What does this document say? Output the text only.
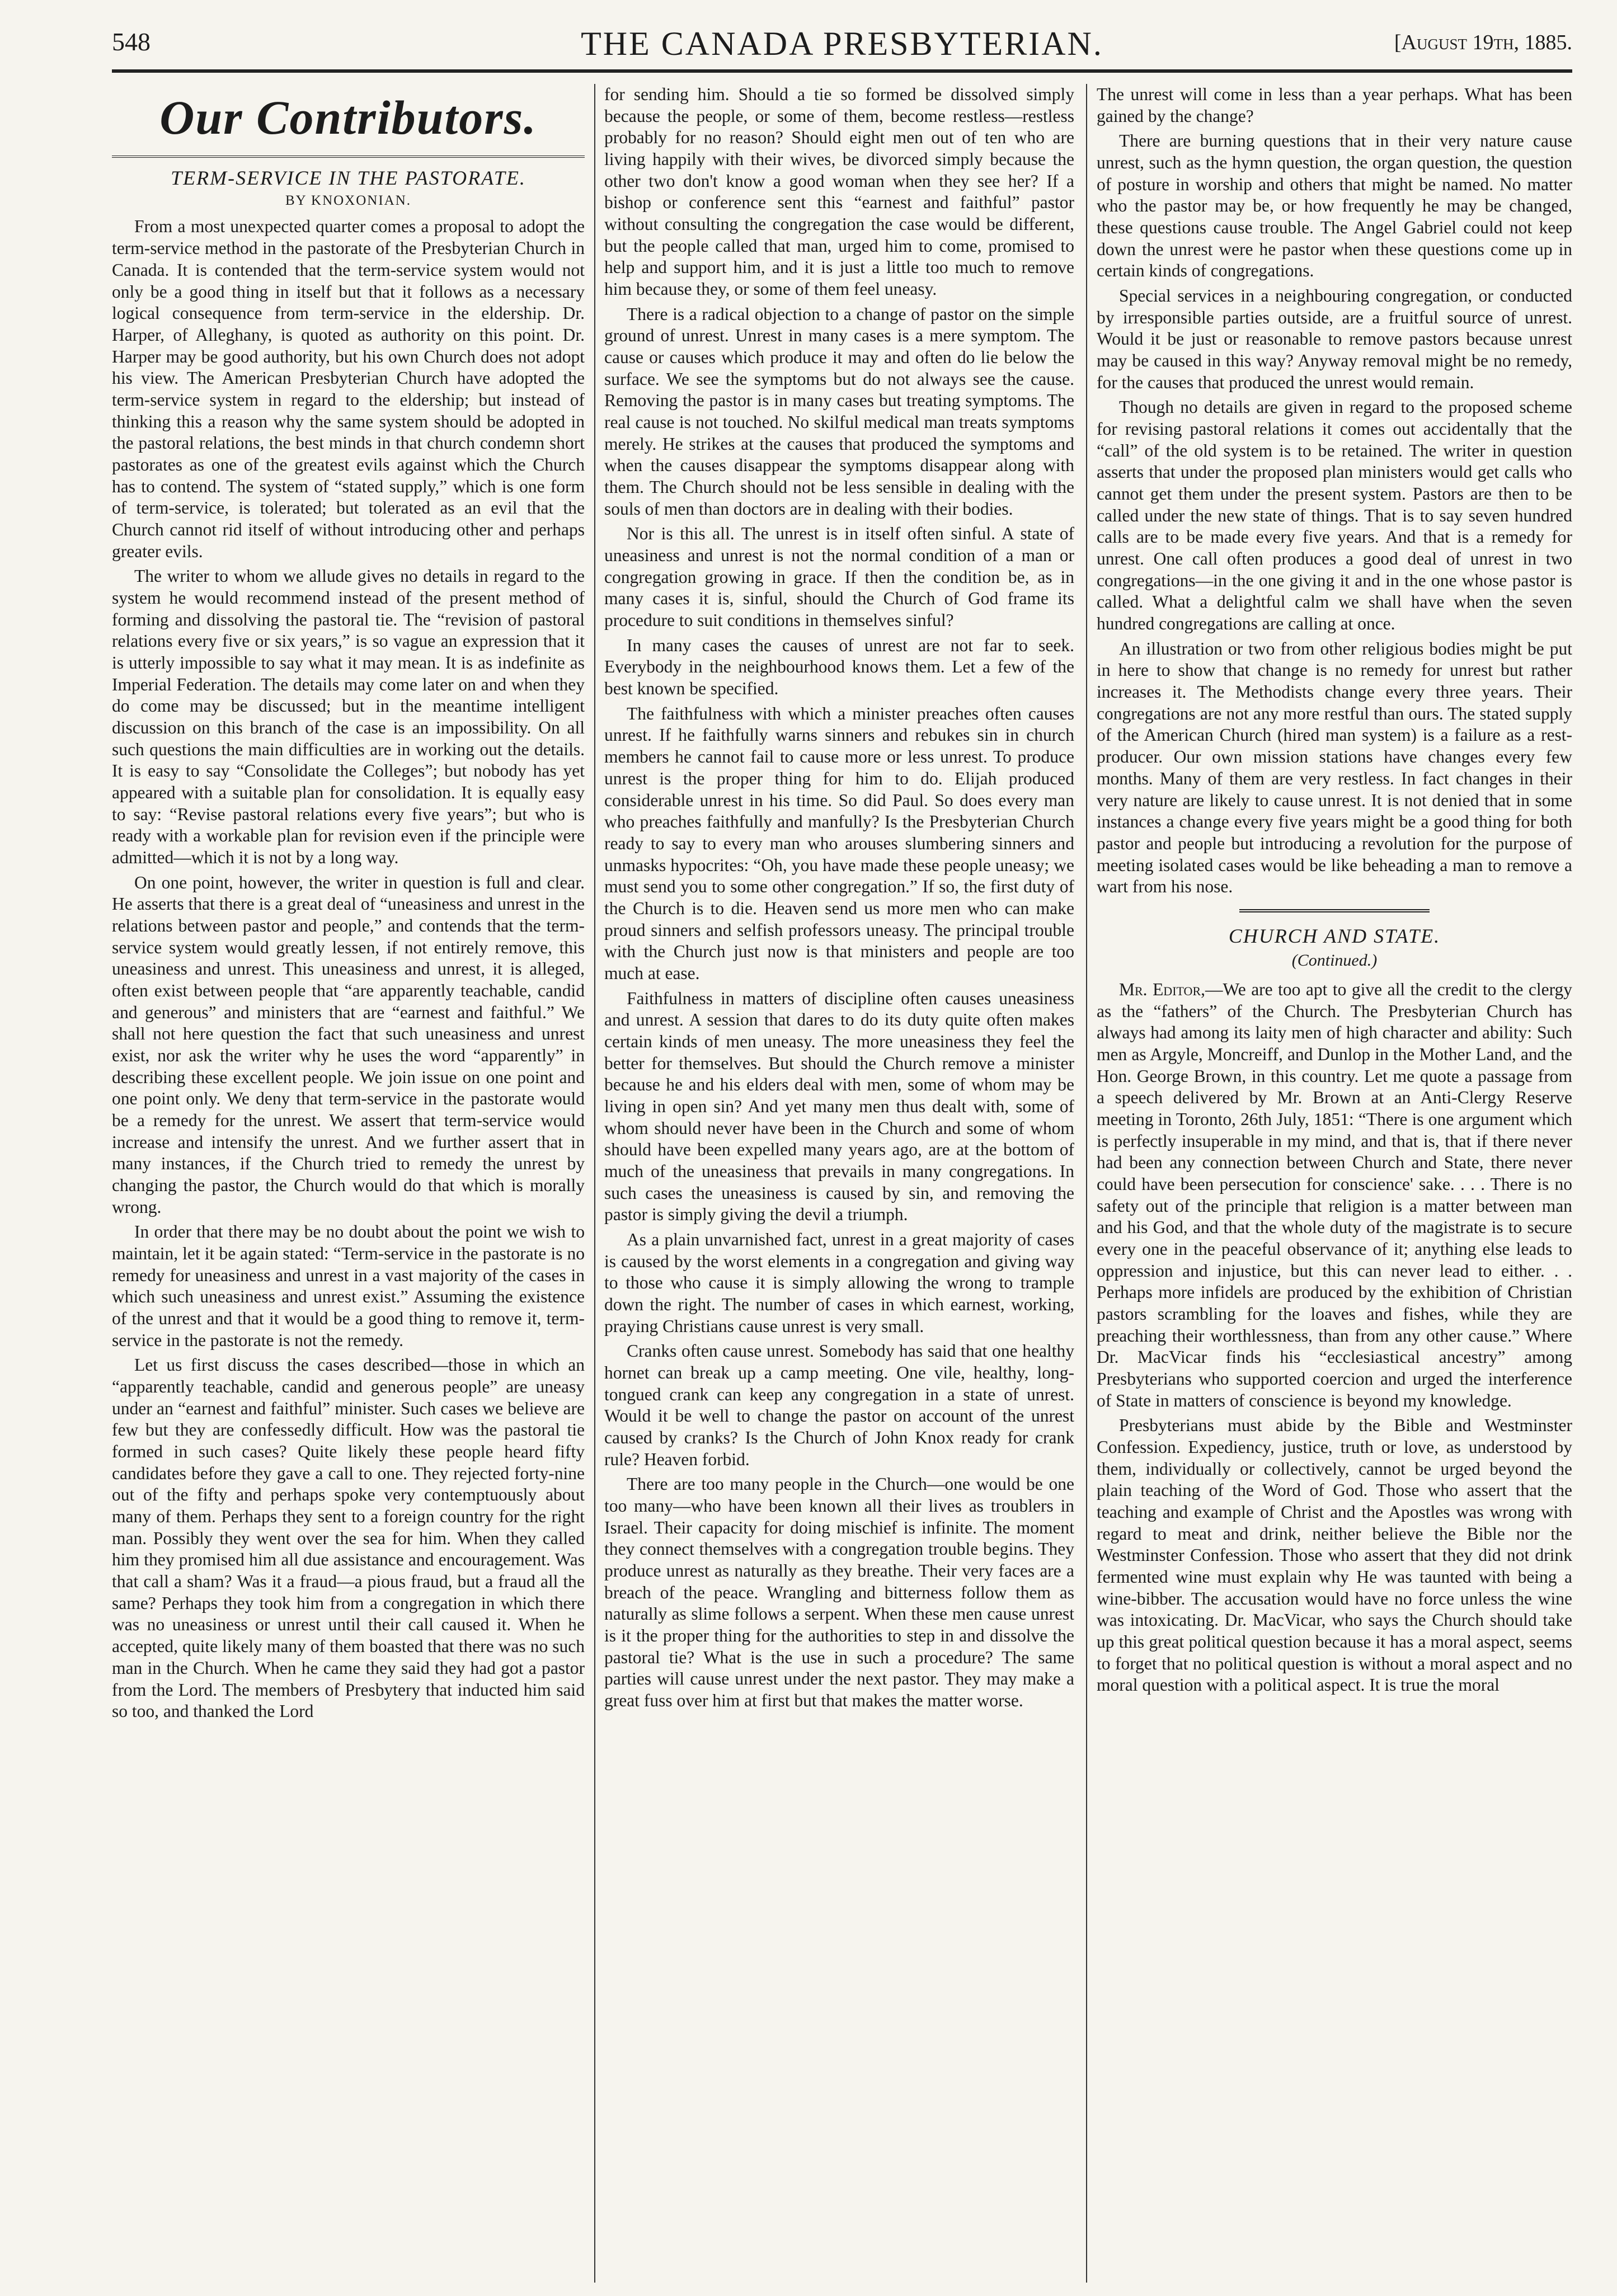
548	THE CANADA PRESBYTERIAN.	[August 19th, 1885.
Our Contributors.
TERM-SERVICE IN THE PASTORATE.
BY KNOXONIAN.

From a most unexpected quarter comes a proposal to adopt the term-service method in the pastorate of the Presbyterian Church in Canada. It is contended that the term-service system would not only be a good thing in itself but that it follows as a necessary logical consequence from term-service in the eldership. Dr. Harper, of Alleghany, is quoted as authority on this point. Dr. Harper may be good authority, but his own Church does not adopt his view. The American Presbyterian Church have adopted the term-service system in regard to the eldership; but instead of thinking this a reason why the same system should be adopted in the pastoral relations, the best minds in that church condemn short pastorates as one of the greatest evils against which the Church has to contend. The system of “stated supply,” which is one form of term-service, is tolerated; but tolerated as an evil that the Church cannot rid itself of without introducing other and perhaps greater evils.

The writer to whom we allude gives no details in regard to the system he would recommend instead of the present method of forming and dissolving the pastoral tie. The “revision of pastoral relations every five or six years,” is so vague an expression that it is utterly impossible to say what it may mean. It is as indefinite as Imperial Federation. The details may come later on and when they do come may be discussed; but in the meantime intelligent discussion on this branch of the case is an impossibility. On all such questions the main difficulties are in working out the details. It is easy to say “Consolidate the Colleges”; but nobody has yet appeared with a suitable plan for consolidation. It is equally easy to say: “Revise pastoral relations every five years”; but who is ready with a workable plan for revision even if the principle were admitted—which it is not by a long way.

On one point, however, the writer in question is full and clear. He asserts that there is a great deal of “uneasiness and unrest in the relations between pastor and people,” and contends that the term-service system would greatly lessen, if not entirely remove, this uneasiness and unrest. This uneasiness and unrest, it is alleged, often exist between people that “are apparently teachable, candid and generous” and ministers that are “earnest and faithful.” We shall not here question the fact that such uneasiness and unrest exist, nor ask the writer why he uses the word “apparently” in describing these excellent people. We join issue on one point and one point only. We deny that term-service in the pastorate would be a remedy for the unrest. We assert that term-service would increase and intensify the unrest. And we further assert that in many instances, if the Church tried to remedy the unrest by changing the pastor, the Church would do that which is morally wrong.

In order that there may be no doubt about the point we wish to maintain, let it be again stated: “Term-service in the pastorate is no remedy for uneasiness and unrest in a vast majority of the cases in which such uneasiness and unrest exist.” Assuming the existence of the unrest and that it would be a good thing to remove it, term-service in the pastorate is not the remedy.

Let us first discuss the cases described—those in which an “apparently teachable, candid and generous people” are uneasy under an “earnest and faithful” minister. Such cases we believe are few but they are confessedly difficult. How was the pastoral tie formed in such cases? Quite likely these people heard fifty candidates before they gave a call to one. They rejected forty-nine out of the fifty and perhaps spoke very contemptuously about many of them. Perhaps they sent to a foreign country for the right man. Possibly they went over the sea for him. When they called him they promised him all due assistance and encouragement. Was that call a sham? Was it a fraud—a pious fraud, but a fraud all the same? Perhaps they took him from a congregation in which there was no uneasiness or unrest until their call caused it. When he accepted, quite likely many of them boasted that there was no such man in the Church. When he came they said they had got a pastor from the Lord. The members of Presbytery that inducted him said so too, and thanked the Lord

for sending him. Should a tie so formed be dissolved simply because the people, or some of them, become restless—restless probably for no reason? Should eight men out of ten who are living happily with their wives, be divorced simply because the other two don't know a good woman when they see her? If a bishop or conference sent this “earnest and faithful” pastor without consulting the congregation the case would be different, but the people called that man, urged him to come, promised to help and support him, and it is just a little too much to remove him because they, or some of them feel uneasy.

There is a radical objection to a change of pastor on the simple ground of unrest. Unrest in many cases is a mere symptom. The cause or causes which produce it may and often do lie below the surface. We see the symptoms but do not always see the cause. Removing the pastor is in many cases but treating symptoms. The real cause is not touched. No skilful medical man treats symptoms merely. He strikes at the causes that produced the symptoms and when the causes disappear the symptoms disappear along with them. The Church should not be less sensible in dealing with the souls of men than doctors are in dealing with their bodies.

Nor is this all. The unrest is in itself often sinful. A state of uneasiness and unrest is not the normal condition of a man or congregation growing in grace. If then the condition be, as in many cases it is, sinful, should the Church of God frame its procedure to suit conditions in themselves sinful?

In many cases the causes of unrest are not far to seek. Everybody in the neighbourhood knows them. Let a few of the best known be specified.

The faithfulness with which a minister preaches often causes unrest. If he faithfully warns sinners and rebukes sin in church members he cannot fail to cause more or less unrest. To produce unrest is the proper thing for him to do. Elijah produced considerable unrest in his time. So did Paul. So does every man who preaches faithfully and manfully? Is the Presbyterian Church ready to say to every man who arouses slumbering sinners and unmasks hypocrites: “Oh, you have made these people uneasy; we must send you to some other congregation.” If so, the first duty of the Church is to die. Heaven send us more men who can make proud sinners and selfish professors uneasy. The principal trouble with the Church just now is that ministers and people are too much at ease.

Faithfulness in matters of discipline often causes uneasiness and unrest. A session that dares to do its duty quite often makes certain kinds of men uneasy. The more uneasiness they feel the better for themselves. But should the Church remove a minister because he and his elders deal with men, some of whom may be living in open sin? And yet many men thus dealt with, some of whom should never have been in the Church and some of whom should have been expelled many years ago, are at the bottom of much of the uneasiness that prevails in many congregations. In such cases the uneasiness is caused by sin, and removing the pastor is simply giving the devil a triumph.

As a plain unvarnished fact, unrest in a great majority of cases is caused by the worst elements in a congregation and giving way to those who cause it is simply allowing the wrong to trample down the right. The number of cases in which earnest, working, praying Christians cause unrest is very small.

Cranks often cause unrest. Somebody has said that one healthy hornet can break up a camp meeting. One vile, healthy, long-tongued crank can keep any congregation in a state of unrest. Would it be well to change the pastor on account of the unrest caused by cranks? Is the Church of John Knox ready for crank rule? Heaven forbid.

There are too many people in the Church—one would be one too many—who have been known all their lives as troublers in Israel. Their capacity for doing mischief is infinite. The moment they connect themselves with a congregation trouble begins. They produce unrest as naturally as they breathe. Their very faces are a breach of the peace. Wrangling and bitterness follow them as naturally as slime follows a serpent. When these men cause unrest is it the proper thing for the authorities to step in and dissolve the pastoral tie? What is the use in such a procedure? The same parties will cause unrest under the next pastor. They may make a great fuss over him at first but that makes the matter worse.

The unrest will come in less than a year perhaps. What has been gained by the change?

There are burning questions that in their very nature cause unrest, such as the hymn question, the organ question, the question of posture in worship and others that might be named. No matter who the pastor may be, or how frequently he may be changed, these questions cause trouble. The Angel Gabriel could not keep down the unrest were he pastor when these questions come up in certain kinds of congregations.

Special services in a neighbouring congregation, or conducted by irresponsible parties outside, are a fruitful source of unrest. Would it be just or reasonable to remove pastors because unrest may be caused in this way? Anyway removal might be no remedy, for the causes that produced the unrest would remain.

Though no details are given in regard to the proposed scheme for revising pastoral relations it comes out accidentally that the “call” of the old system is to be retained. The writer in question asserts that under the proposed plan ministers would get calls who cannot get them under the present system. Pastors are then to be called under the new state of things. That is to say seven hundred calls are to be made every five years. And that is a remedy for unrest. One call often produces a good deal of unrest in two congregations—in the one giving it and in the one whose pastor is called. What a delightful calm we shall have when the seven hundred congregations are calling at once.

An illustration or two from other religious bodies might be put in here to show that change is no remedy for unrest but rather increases it. The Methodists change every three years. Their congregations are not any more restful than ours. The stated supply of the American Church (hired man system) is a failure as a rest-producer. Our own mission stations have changes every few months. Many of them are very restless. In fact changes in their very nature are likely to cause unrest. It is not denied that in some instances a change every five years might be a good thing for both pastor and people but introducing a revolution for the purpose of meeting isolated cases would be like beheading a man to remove a wart from his nose.

CHURCH AND STATE.
(Continued.)

Mr. Editor,—We are too apt to give all the credit to the clergy as the “fathers” of the Church. The Presbyterian Church has always had among its laity men of high character and ability: Such men as Argyle, Moncreiff, and Dunlop in the Mother Land, and the Hon. George Brown, in this country. Let me quote a passage from a speech delivered by Mr. Brown at an Anti-Clergy Reserve meeting in Toronto, 26th July, 1851: “There is one argument which is perfectly insuperable in my mind, and that is, that if there never had been any connection between Church and State, there never could have been persecution for conscience' sake. . . . There is no safety out of the principle that religion is a matter between man and his God, and that the whole duty of the magistrate is to secure every one in the peaceful observance of it; anything else leads to oppression and injustice, but this can never lead to either. . . Perhaps more infidels are produced by the exhibition of Christian pastors scrambling for the loaves and fishes, while they are preaching their worthlessness, than from any other cause.” Where Dr. MacVicar finds his “ecclesiastical ancestry” among Presbyterians who supported coercion and urged the interference of State in matters of conscience is beyond my knowledge.

Presbyterians must abide by the Bible and Westminster Confession. Expediency, justice, truth or love, as understood by them, individually or collectively, cannot be urged beyond the plain teaching of the Word of God. Those who assert that the teaching and example of Christ and the Apostles was wrong with regard to meat and drink, neither believe the Bible nor the Westminster Confession. Those who assert that they did not drink fermented wine must explain why He was taunted with being a wine-bibber. The accusation would have no force unless the wine was intoxicating. Dr. MacVicar, who says the Church should take up this great political question because it has a moral aspect, seems to forget that no political question is without a moral aspect and no moral question with a political aspect. It is true the moral
